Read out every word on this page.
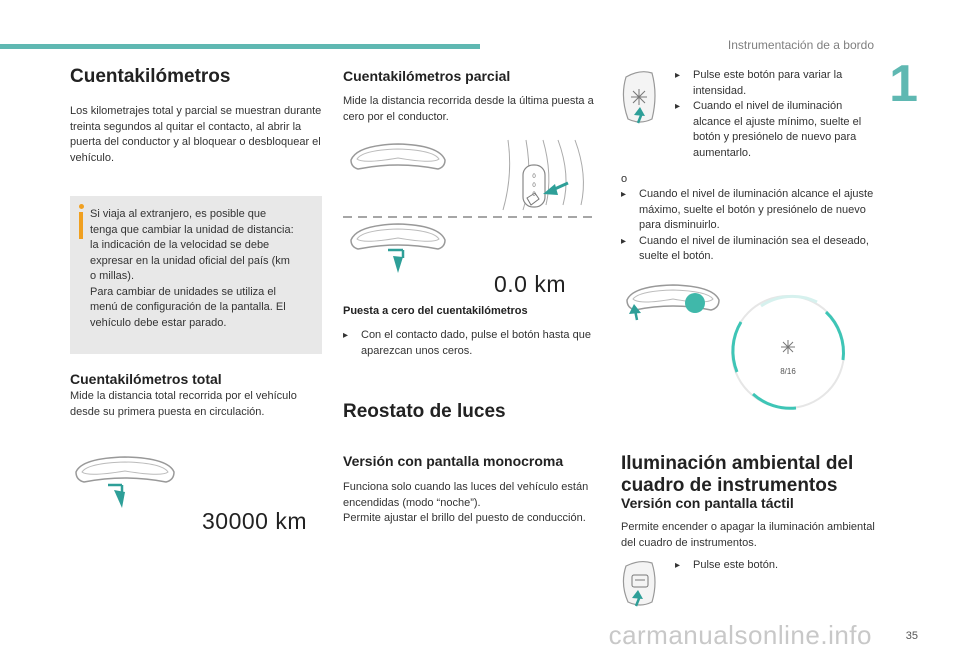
Instrumentación de a bordo
1
Cuentakilómetros
Los kilometrajes total y parcial se muestran durante treinta segundos al quitar el contacto, al abrir la puerta del conductor y al bloquear o desbloquear el vehículo.
Si viaja al extranjero, es posible que
tenga que cambiar la unidad de distancia:
la indicación de la velocidad se debe
expresar en la unidad oficial del país (km
o millas).
Para cambiar de unidades se utiliza el
menú de configuración de la pantalla. El
vehículo debe estar parado.
Cuentakilómetros total
Mide la distancia total recorrida por el vehículo desde su primera puesta en circulación.
30000 km
Cuentakilómetros parcial
Mide la distancia recorrida desde la última puesta a cero por el conductor.
0
0
0
0.0 km
Puesta a cero del cuentakilómetros
▸	Con el contacto dado, pulse el botón hasta que aparezcan unos ceros.
Reostato de luces
Versión con pantalla monocroma
Funciona solo cuando las luces del vehículo están encendidas (modo “noche”).
Permite ajustar el brillo del puesto de conducción.
▸	Pulse este botón para variar la intensidad.
▸	Cuando el nivel de iluminación alcance el ajuste mínimo, suelte el botón y presiónelo de nuevo para aumentarlo.
o
▸	Cuando el nivel de iluminación alcance el ajuste máximo, suelte el botón y presiónelo de nuevo para disminuirlo.
▸	Cuando el nivel de iluminación sea el deseado, suelte el botón.
8/16
Iluminación ambiental del cuadro de instrumentos
Versión con pantalla táctil
Permite encender o apagar la iluminación ambiental del cuadro de instrumentos.
▸	Pulse este botón.
carmanualsonline.info	35
